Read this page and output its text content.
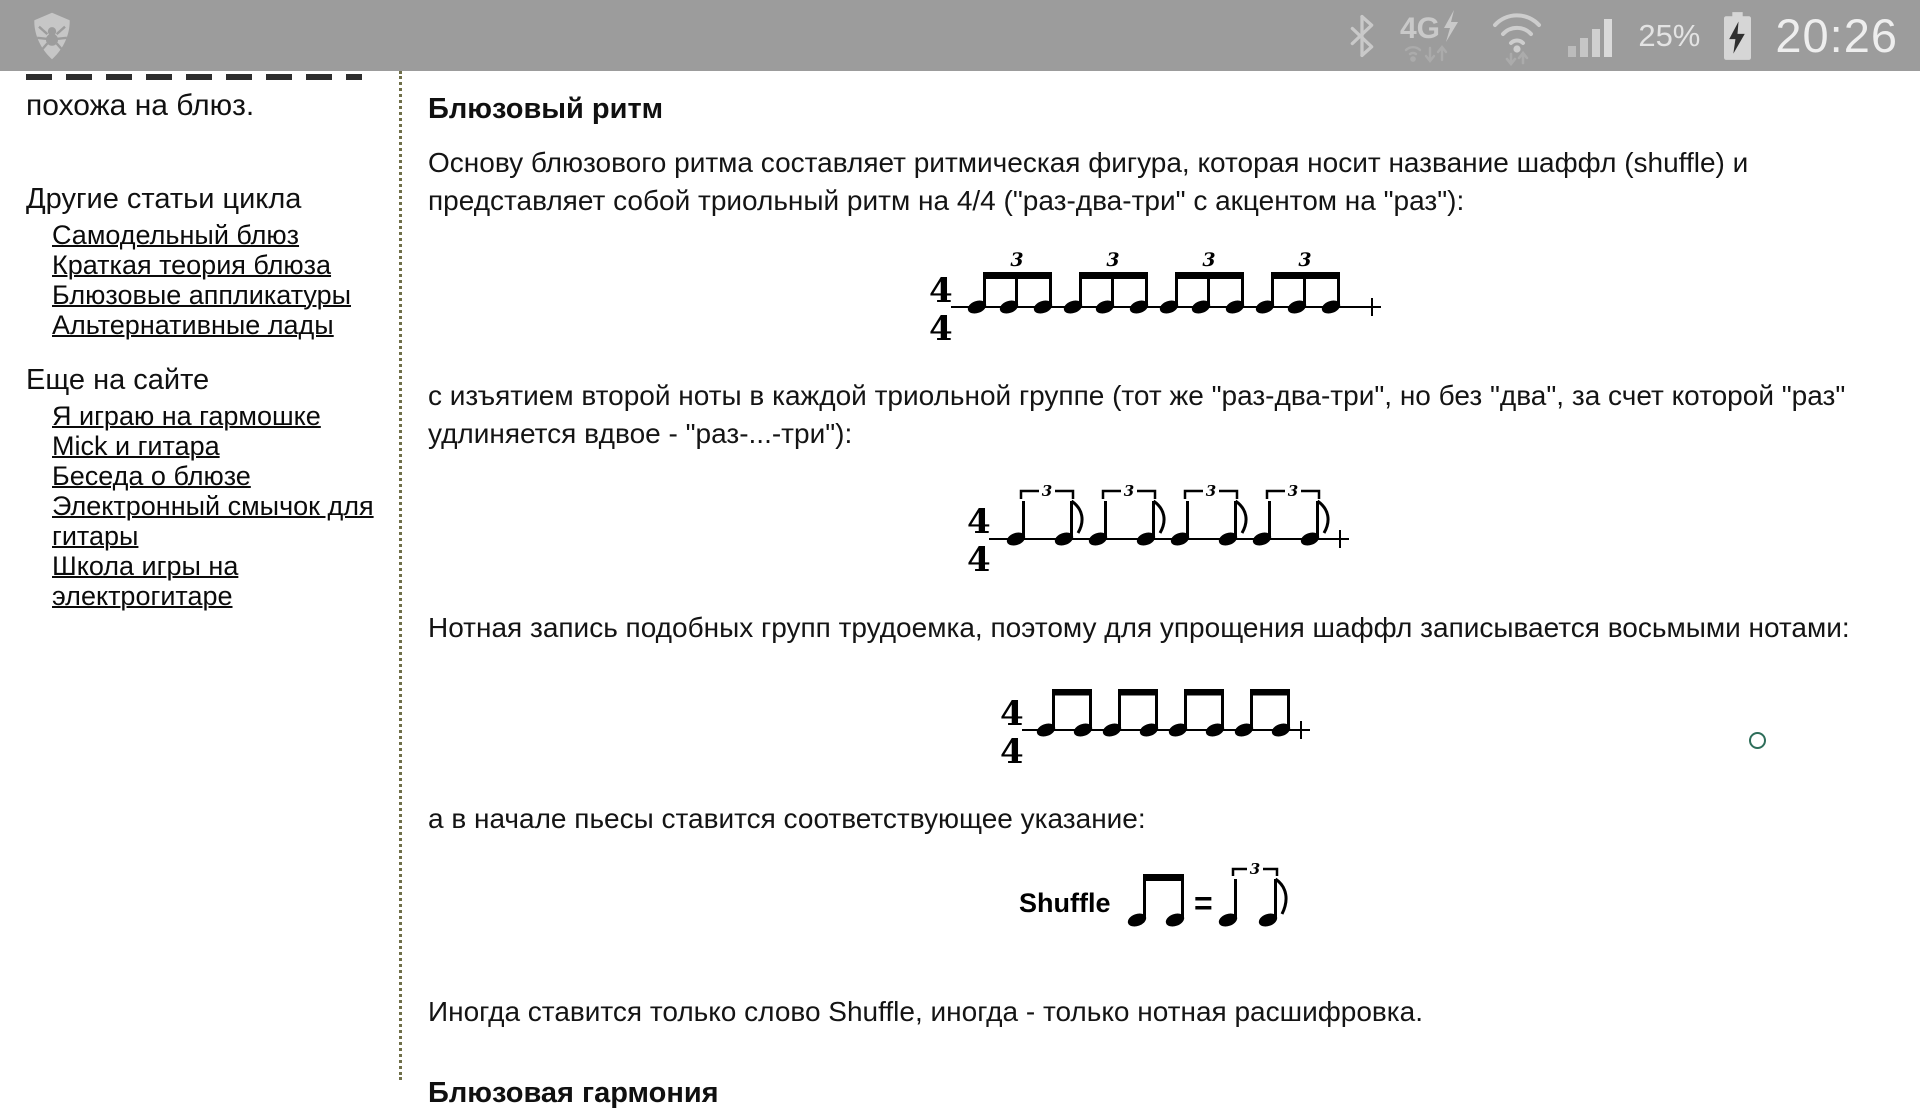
4G	25% 20:26

похожа на блюз.

Другие статьи цикла
Самодельный блюз
Краткая теория блюза
Блюзовые аппликатуры
Альтернативные лады
Еще на сайте
Я играю на гармошке
Mick и гитара
Беседа о блюзе
Электронный смычок для гитары
Школа игры на электрогитаре
Блюзовый ритм

Основу блюзового ритма составляет ритмическая фигура, которая носит название шаффл (shuffle) и представляет собой триольный ритм на 4/4 ("раз-два-три" с акцентом на "раз"):

4
4
3	3	3	3

с изъятием второй ноты в каждой триольной группе (тот же "раз-два-три", но без "два", за счет которой "раз" удлиняется вдвое - "раз-...-три"):

4
4
3	3	3	3

Нотная запись подобных групп трудоемка, поэтому для упрощения шаффл записывается восьмыми нотами:

4
4

а в начале пьесы ставится соответствующее указание:

Shuffle	=
3

Иногда ставится только слово Shuffle, иногда - только нотная расшифровка.

Блюзовая гармония
